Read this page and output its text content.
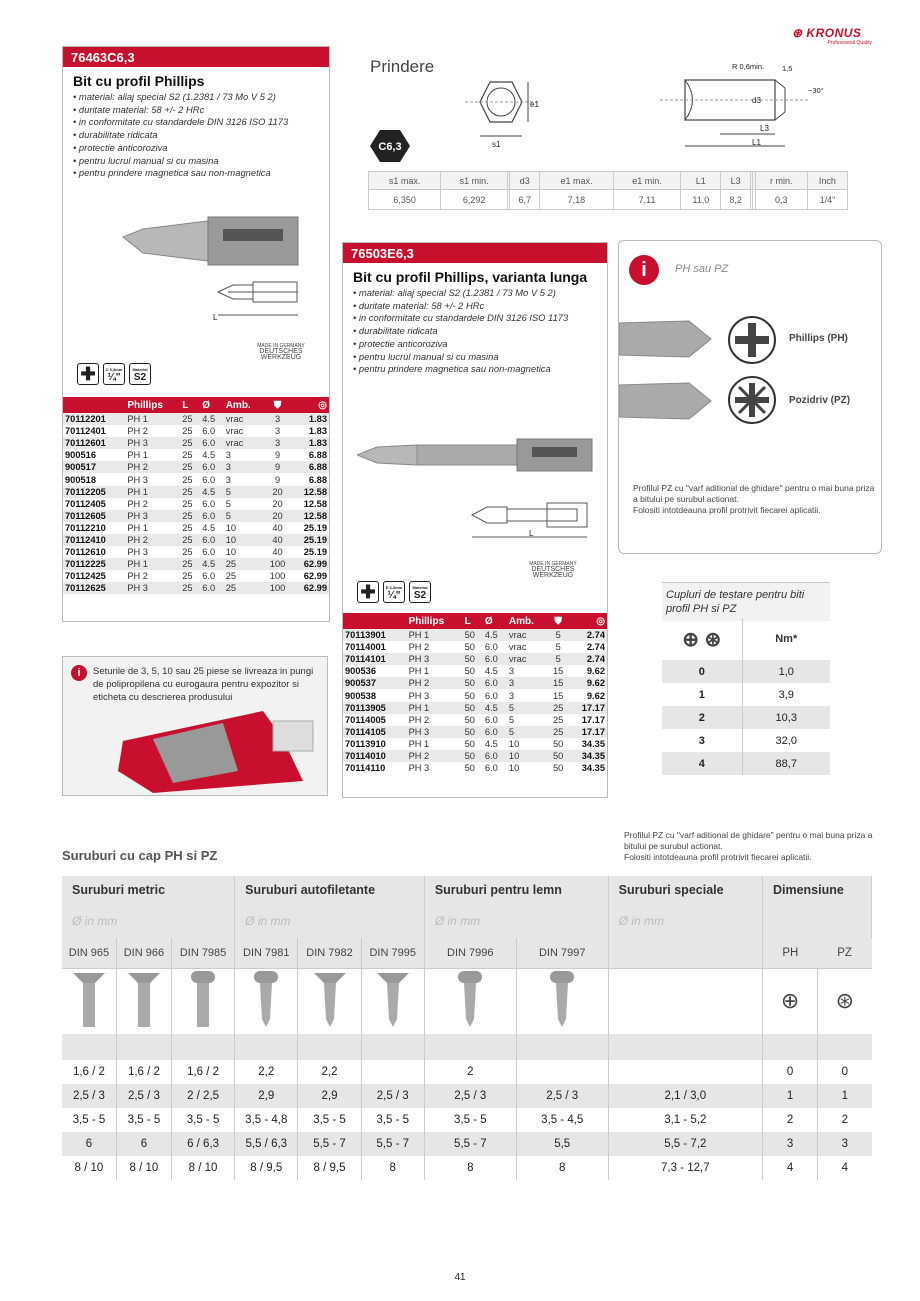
⊛ KRONUS
Professional Quality
76463C6,3
Bit cu profil Phillips
• material: aliaj special S2 (1.2381 / 73 Mo V 5 2)
• duritate material: 58 +/- 2 HRc
• in conformitate cu standardele DIN 3126 ISO 1173
• durabilitate ridicata
• protectie anticoroziva
• pentru lucrul manual si cu masina
• pentru prindere magnetica sau non-magnetica
L
MADE IN GERMANY
DEUTSCHES WERKZEUG
✚	C 6,3mm
¼"
Material
S2
	Phillips	L	Ø	Amb.	⛊	◎
70112201	PH 1	25	4.5	vrac	3	1.83
70112401	PH 2	25	6.0	vrac	3	1.83
70112601	PH 3	25	6.0	vrac	3	1.83
900516	PH 1	25	4.5	3	9	6.88
900517	PH 2	25	6.0	3	9	6.88
900518	PH 3	25	6.0	3	9	6.88
70112205	PH 1	25	4.5	5	20	12.58
70112405	PH 2	25	6.0	5	20	12.58
70112605	PH 3	25	6.0	5	20	12.58
70112210	PH 1	25	4.5	10	40	25.19
70112410	PH 2	25	6.0	10	40	25.19
70112610	PH 3	25	6.0	10	40	25.19
70112225	PH 1	25	4.5	25	100	62.99
70112425	PH 2	25	6.0	25	100	62.99
70112625	PH 3	25	6.0	25	100	62.99
i	Seturile de 3, 5, 10 sau 25 piese se livreaza in pungi de polipropilena cu eurogaura pentru expozitor si eticheta cu descrierea produsului
Prindere
s1
e1
R 0,6min. 1,5
~30°
d3
L3
L1
C6,3
s1 max.	s1 min.		d3	e1 max.	e1 min.	L1	L3			r min.	Inch
6,350	6,292		6,7	7,18	7,11	11,0	8,2			0,3	1/4"
76503E6,3
Bit cu profil Phillips, varianta lunga
• material: aliaj special S2 (1.2381 / 73 Mo V 5 2)
• duritate material: 58 +/- 2 HRc
• in conformitate cu standardele DIN 3126 ISO 1173
• durabilitate ridicata
• protectie anticoroziva
• pentru lucrul manual si cu masina
• pentru prindere magnetica sau non-magnetica
L
MADE IN GERMANY
DEUTSCHES WERKZEUG
✚	E 6,3mm
¼"
Material
S2
	Phillips	L	Ø	Amb.	⛊	◎
70113901	PH 1	50	4.5	vrac	5	2.74
70114001	PH 2	50	6.0	vrac	5	2.74
70114101	PH 3	50	6.0	vrac	5	2.74
900536	PH 1	50	4.5	3	15	9.62
900537	PH 2	50	6.0	3	15	9.62
900538	PH 3	50	6.0	3	15	9.62
70113905	PH 1	50	4.5	5	25	17.17
70114005	PH 2	50	6.0	5	25	17.17
70114105	PH 3	50	6.0	5	25	17.17
70113910	PH 1	50	4.5	10	50	34.35
70114010	PH 2	50	6.0	10	50	34.35
70114110	PH 3	50	6.0	10	50	34.35
i	PH sau PZ
Phillips (PH)
Pozidriv (PZ)
Profilul PZ cu "varf aditional de ghidare" pentru o mai buna priza a bitului pe surubul actionat.
Folositi intotdeauna profil protrivit fiecarei aplicatii.
Cupluri de testare pentru biti profil PH si PZ
⊕ ⊛	Nm*
0	1,0
1	3,9
2	10,3
3	32,0
4	88,7
Profilul PZ cu "varf aditional de ghidare" pentru o mai buna priza a bitului pe surubul actionat.
Folositi intotdeauna profil protrivit fiecarei aplicatii.
Suruburi cu cap PH si PZ
Suruburi metric			Suruburi autofiletante			Suruburi pentru lemn		Suruburi speciale	Dimensiune	
Ø in mm			Ø in mm			Ø in mm		Ø in mm		
DIN 965	DIN 966	DIN 7985	DIN 7981	DIN 7982	DIN 7995	DIN 7996	DIN 7997		PH	PZ
									⊕	⊛

1,6 / 2	1,6 / 2	1,6 / 2	2,2	2,2		2			0	0
2,5 / 3	2,5 / 3	2 / 2,5	2,9	2,9	2,5 / 3	2,5 / 3	2,5 / 3	2,1 / 3,0	1	1
3,5 - 5	3,5 - 5	3,5 - 5	3,5 - 4,8	3,5 - 5	3,5 - 5	3,5 - 5	3,5 - 4,5	3,1 - 5,2	2	2
6	6	6 / 6,3	5,5 / 6,3	5,5 - 7	5,5 - 7	5,5 - 7	5,5	5,5 - 7,2	3	3
8 / 10	8 / 10	8 / 10	8 / 9,5	8 / 9,5	8	8	8	7,3 - 12,7	4	4
41
